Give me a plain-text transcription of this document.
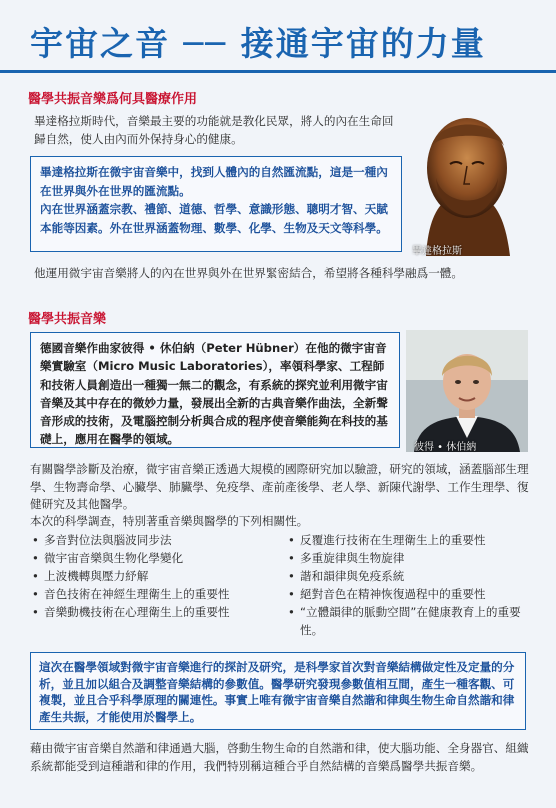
宇宙之音 ── 接通宇宙的力量
醫學共振音樂爲何具醫療作用

畢達格拉斯時代，音樂最主要的功能就是教化民眾，將人的內在生命回歸自然，使人由內而外保持身心的健康。

畢達格拉斯在微宇宙音樂中，找到人體內的自然匯流點，這是一種內在世界與外在世界的匯流點。

內在世界涵蓋宗教、禮節、道德、哲學、意識形態、聰明才智、天賦本能等因素。外在世界涵蓋物理、數學、化學、生物及天文等科學。

畢達格拉斯

他運用微宇宙音樂將人的內在世界與外在世界緊密結合，希望將各種科學融爲一體。

醫學共振音樂

德國音樂作曲家彼得 • 休伯納（Peter Hübner）在他的微宇宙音樂實驗室（Micro Music Laboratories），率領科學家、工程師和技術人員創造出一種獨一無二的觀念，有系統的探究並利用微宇宙音樂及其中存在的微妙力量，發展出全新的古典音樂作曲法，全新聲音形成的技術，及電腦控制分析與合成的程序使音樂能夠在科技的基礎上，應用在醫學的領域。

彼得 • 休伯納

有關醫學診斷及治療，微宇宙音樂正透過大規模的國際研究加以驗證，研究的領域，涵蓋腦部生理學、生物壽命學、心臟學、肺臟學、免疫學、產前產後學、老人學、新陳代謝學、工作生理學、復健研究及其他醫學。

本次的科學調查，特別著重音樂與醫學的下列相關性。

• 多音對位法與腦波同步法
• 微宇宙音樂與生物化學變化
• 上波機轉與壓力紓解
• 音色技術在神經生理衛生上的重要性
• 音樂動機技術在心理衛生上的重要性
• 反覆進行技術在生理衛生上的重要性
• 多重旋律與生物旋律
• 諧和韻律與免疫系統
• 絕對音色在精神恢復過程中的重要性
• “立體韻律的脈動空間”在健康教育上的重要性。

這次在醫學領域對微宇宙音樂進行的探討及研究，是科學家首次對音樂結構做定性及定量的分析，並且加以組合及調整音樂結構的參數值。醫學研究發現參數值相互間，產生一種客觀、可複製，並且合乎科學原理的關連性。事實上唯有微宇宙音樂自然諧和律與生物生命自然諧和律產生共振，才能使用於醫學上。

藉由微宇宙音樂自然諧和律通過大腦，啓動生物生命的自然諧和律，使大腦功能、全身器官、組織系統都能受到這種諧和律的作用，我們特別稱這種合乎自然結構的音樂爲醫學共振音樂。
